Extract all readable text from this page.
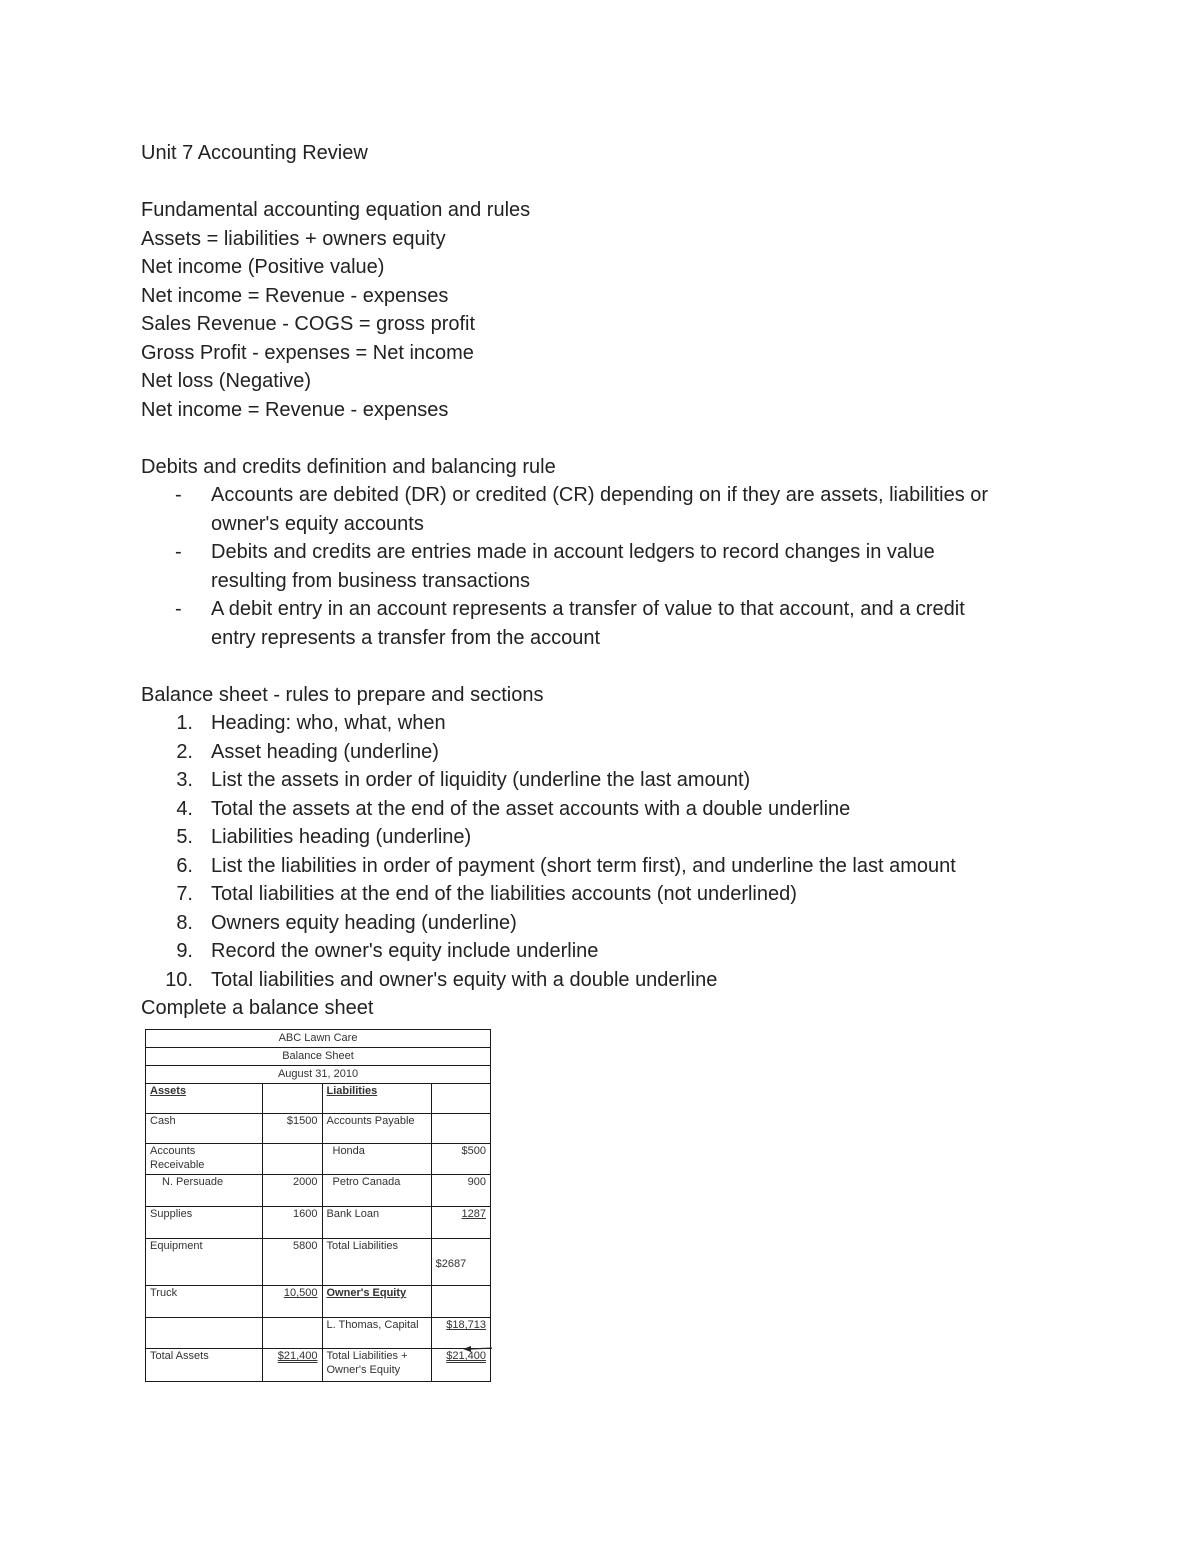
Unit 7 Accounting Review
Fundamental accounting equation and rules
Assets = liabilities + owners equity
Net income (Positive value)
Net income = Revenue - expenses
Sales Revenue - COGS = gross profit
Gross Profit - expenses = Net income
Net loss (Negative)
Net income = Revenue - expenses
Debits and credits definition and balancing rule
- Accounts are debited (DR) or credited (CR) depending on if they are assets, liabilities or
owner's equity accounts
- Debits and credits are entries made in account ledgers to record changes in value
resulting from business transactions
- A debit entry in an account represents a transfer of value to that account, and a credit
entry represents a transfer from the account
Balance sheet - rules to prepare and sections
1. Heading: who, what, when
2. Asset heading (underline)
3. List the assets in order of liquidity (underline the last amount)
4. Total the assets at the end of the asset accounts with a double underline
5. Liabilities heading (underline)
6. List the liabilities in order of payment (short term first), and underline the last amount
7. Total liabilities at the end of the liabilities accounts (not underlined)
8. Owners equity heading (underline)
9. Record the owner's equity include underline
10. Total liabilities and owner's equity with a double underline
Complete a balance sheet
ABC Lawn Care			
Balance Sheet			
August 31, 2010			
Assets		Liabilities	
Cash	$1500	Accounts Payable	

Accounts
Receivable		Honda	$500
N. Persuade	2000	Petro Canada	900
Supplies	1600	Bank Loan	1287
Equipment	5800	Total Liabilities	$2687
Truck	10,500	Owner's Equity	
		L. Thomas, Capital	$18,713
Total Assets	$21,400	Total Liabilities +
Owner's Equity	$21,400
